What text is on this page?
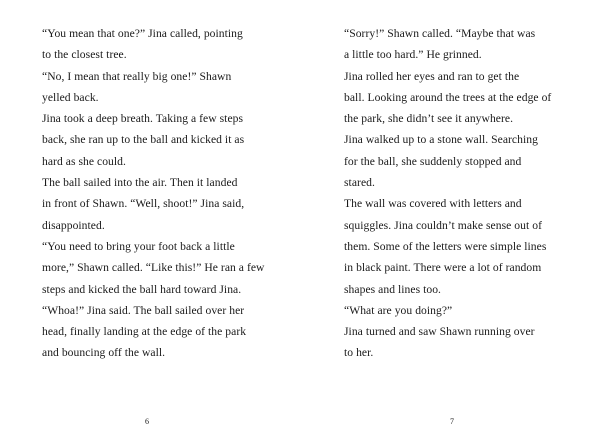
“You mean that one?” Jina called, pointing
to the closest tree.

“No, I mean that really big one!” Shawn
yelled back.

Jina took a deep breath. Taking a few steps
back, she ran up to the ball and kicked it as
hard as she could.

The ball sailed into the air. Then it landed
in front of Shawn. “Well, shoot!” Jina said,
disappointed.

“You need to bring your foot back a little
more,” Shawn called. “Like this!” He ran a few
steps and kicked the ball hard toward Jina.

“Whoa!” Jina said. The ball sailed over her
head, finally landing at the edge of the park
and bouncing off the wall.

6

“Sorry!” Shawn called. “Maybe that was
a little too hard.” He grinned.

Jina rolled her eyes and ran to get the
ball. Looking around the trees at the edge of
the park, she didn’t see it anywhere.

Jina walked up to a stone wall. Searching
for the ball, she suddenly stopped and
stared.

The wall was covered with letters and
squiggles. Jina couldn’t make sense out of
them. Some of the letters were simple lines
in black paint. There were a lot of random
shapes and lines too.

“What are you doing?”

Jina turned and saw Shawn running over
to her.

7
